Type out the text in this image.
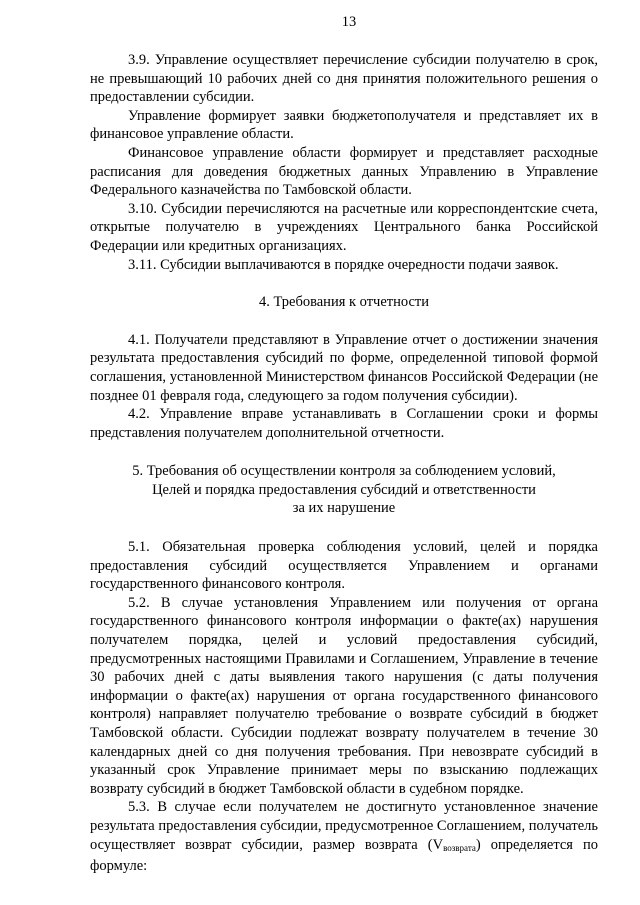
13

3.9. Управление осуществляет перечисление субсидии получателю в срок, не превышающий 10 рабочих дней со дня принятия положительного решения о предоставлении субсидии.

Управление формирует заявки бюджетополучателя и представляет их в финансовое управление области.

Финансовое управление области формирует и представляет расходные расписания для доведения бюджетных данных Управлению в Управление Федерального казначейства по Тамбовской области.

3.10. Субсидии перечисляются на расчетные или корреспондентские счета, открытые получателю в учреждениях Центрального банка Российской Федерации или кредитных организациях.

3.11. Субсидии выплачиваются в порядке очередности подачи заявок.

4. Требования к отчетности

4.1. Получатели представляют в Управление отчет о достижении значения результата предоставления субсидий по форме, определенной типовой формой соглашения, установленной Министерством финансов Российской Федерации (не позднее 01 февраля года, следующего за годом получения субсидии).

4.2. Управление вправе устанавливать в Соглашении сроки и формы представления получателем дополнительной отчетности.

5. Требования об осуществлении контроля за соблюдением условий,
Целей и порядка предоставления субсидий и ответственности
за их нарушение

5.1. Обязательная проверка соблюдения условий, целей и порядка предоставления субсидий осуществляется Управлением и органами государственного финансового контроля.

5.2. В случае установления Управлением или получения от органа государственного финансового контроля информации о факте(ах) нарушения получателем порядка, целей и условий предоставления субсидий, предусмотренных настоящими Правилами и Соглашением, Управление в течение 30 рабочих дней с даты выявления такого нарушения (с даты получения информации о факте(ах) нарушения от органа государственного финансового контроля) направляет получателю требование о возврате субсидий в бюджет Тамбовской области. Субсидии подлежат возврату получателем в течение 30 календарных дней со дня получения требования. При невозврате субсидий в указанный срок Управление принимает меры по взысканию подлежащих возврату субсидий в бюджет Тамбовской области в судебном порядке.

5.3. В случае если получателем не достигнуто установленное значение результата предоставления субсидии, предусмотренное Соглашением, получатель осуществляет возврат субсидии, размер возврата $(V_{возврата})$ определяется по формуле:
